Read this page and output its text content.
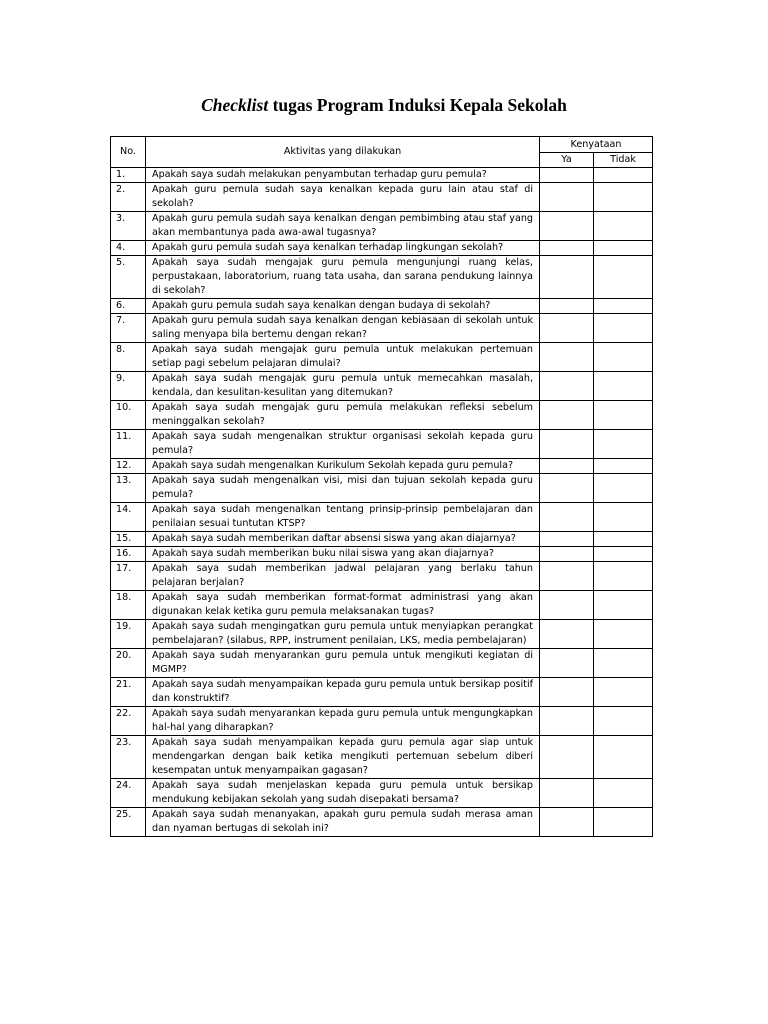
Checklist tugas Program Induksi Kepala Sekolah
No.	Aktivitas yang dilakukan	Kenyataan	
		Ya	Tidak
1.	Apakah saya sudah melakukan penyambutan terhadap guru pemula?		
2.	Apakah guru pemula sudah saya kenalkan kepada guru lain atau staf di sekolah?		
3.	Apakah guru pemula sudah saya kenalkan dengan pembimbing atau staf yang akan membantunya pada awa-awal tugasnya?		
4.	Apakah guru pemula sudah saya kenalkan terhadap lingkungan sekolah?		
5.	Apakah saya sudah mengajak guru pemula mengunjungi ruang kelas, perpustakaan, laboratorium, ruang tata usaha, dan sarana pendukung lainnya di sekolah?		
6.	Apakah guru pemula sudah saya kenalkan dengan budaya di sekolah?		
7.	Apakah guru pemula sudah saya kenalkan dengan kebiasaan di sekolah untuk saling menyapa bila bertemu dengan rekan?		
8.	Apakah saya sudah mengajak guru pemula untuk melakukan pertemuan setiap pagi sebelum pelajaran dimulai?		
9.	Apakah saya sudah mengajak guru pemula untuk memecahkan masalah, kendala, dan kesulitan-kesulitan yang ditemukan?		
10.	Apakah saya sudah mengajak guru pemula melakukan refleksi sebelum meninggalkan sekolah?		
11.	Apakah saya sudah mengenalkan struktur organisasi sekolah kepada guru pemula?		
12.	Apakah saya sudah mengenalkan Kurikulum Sekolah kepada guru pemula?		
13.	Apakah saya sudah mengenalkan visi, misi dan tujuan sekolah kepada guru pemula?		
14.	Apakah saya sudah mengenalkan tentang prinsip-prinsip pembelajaran dan penilaian sesuai tuntutan KTSP?		
15.	Apakah saya sudah memberikan daftar absensi siswa yang akan diajarnya?		
16.	Apakah saya sudah memberikan buku nilai siswa yang akan diajarnya?		
17.	Apakah saya sudah memberikan jadwal pelajaran yang berlaku tahun pelajaran berjalan?		
18.	Apakah saya sudah memberikan format-format administrasi yang akan digunakan kelak ketika guru pemula melaksanakan tugas?		
19.	Apakah saya sudah mengingatkan guru pemula untuk menyiapkan perangkat pembelajaran? (silabus, RPP, instrument penilaian, LKS, media pembelajaran)		
20.	Apakah saya sudah menyarankan guru pemula untuk mengikuti kegiatan di MGMP?		
21.	Apakah saya sudah menyampaikan kepada guru pemula untuk bersikap positif dan konstruktif?		
22.	Apakah saya sudah menyarankan kepada guru pemula untuk mengungkapkan hal-hal yang diharapkan?		
23.	Apakah saya sudah menyampaikan kepada guru pemula agar siap untuk mendengarkan dengan baik ketika mengikuti pertemuan sebelum diberi kesempatan untuk menyampaikan gagasan?		
24.	Apakah saya sudah menjelaskan kepada guru pemula untuk bersikap mendukung kebijakan sekolah yang sudah disepakati bersama?		
25.	Apakah saya sudah menanyakan, apakah guru pemula sudah merasa aman dan nyaman bertugas di sekolah ini?		
